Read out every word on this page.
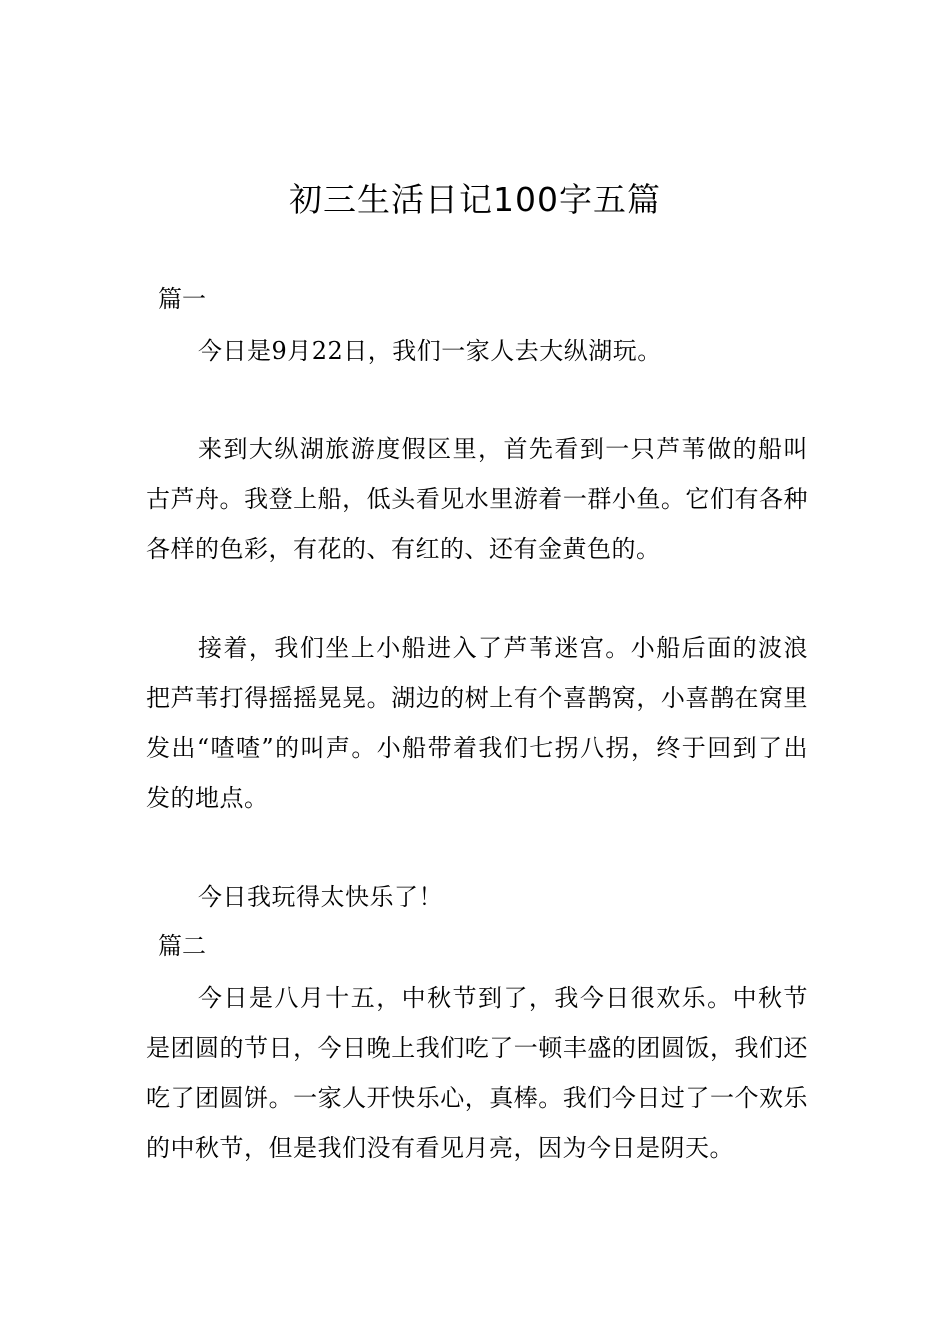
初三生活日记100字五篇
篇一
今日是9月22日，我们一家人去大纵湖玩。
来到大纵湖旅游度假区里，首先看到一只芦苇做的船叫古芦舟。我登上船，低头看见水里游着一群小鱼。它们有各种各样的色彩，有花的、有红的、还有金黄色的。
接着，我们坐上小船进入了芦苇迷宫。小船后面的波浪把芦苇打得摇摇晃晃。湖边的树上有个喜鹊窝，小喜鹊在窝里发出“喳喳”的叫声。小船带着我们七拐八拐，终于回到了出发的地点。
今日我玩得太快乐了！
篇二
今日是八月十五，中秋节到了，我今日很欢乐。中秋节是团圆的节日，今日晚上我们吃了一顿丰盛的团圆饭，我们还吃了团圆饼。一家人开快乐心，真棒。我们今日过了一个欢乐的中秋节，但是我们没有看见月亮，因为今日是阴天。
